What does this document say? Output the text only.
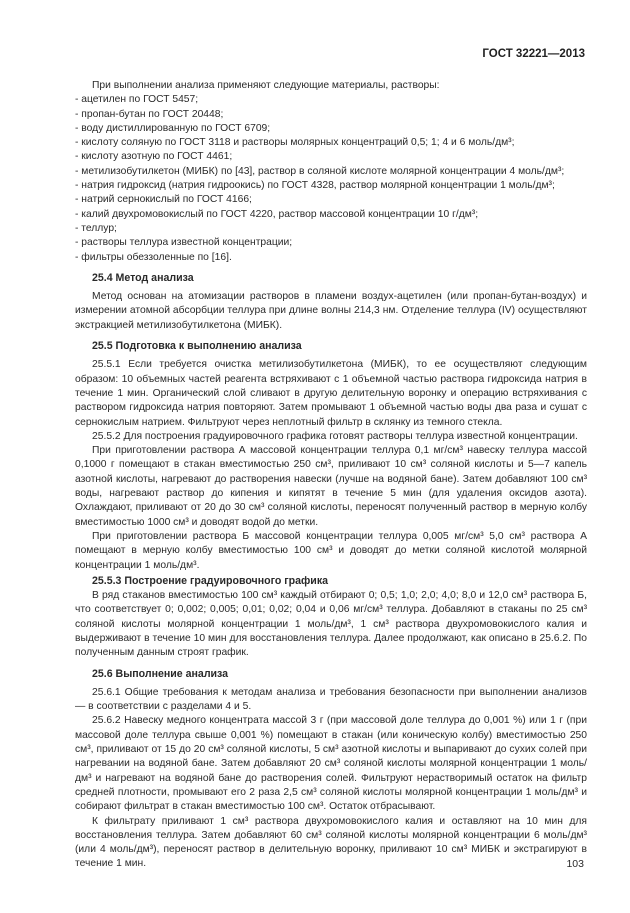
ГОСТ 32221—2013

При выполнении анализа применяют следующие материалы, растворы:

- ацетилен по ГОСТ 5457;

- пропан-бутан по ГОСТ 20448;

- воду дистиллированную по ГОСТ 6709;

- кислоту соляную по ГОСТ 3118 и растворы молярных концентраций 0,5; 1; 4 и 6 моль/дм³;

- кислоту азотную по ГОСТ 4461;

- метилизобутилкетон (МИБК) по [43], раствор в соляной кислоте молярной концентрации 4 моль/дм³;

- натрия гидроксид (натрия гидроокись) по ГОСТ 4328, раствор молярной концентрации 1 моль/дм³;

- натрий сернокислый по ГОСТ 4166;

- калий двухромовокислый по ГОСТ 4220, раствор массовой концентрации 10 г/дм³;

- теллур;

- растворы теллура известной концентрации;

- фильтры обеззоленные по [16].

25.4 Метод анализа

Метод основан на атомизации растворов в пламени воздух-ацетилен (или пропан-бутан-воздух) и измерении атомной абсорбции теллура при длине волны 214,3 нм. Отделение теллура (IV) осуществляют экстракцией метилизобутилкетона (МИБК).

25.5 Подготовка к выполнению анализа

25.5.1 Если требуется очистка метилизобутилкетона (МИБК), то ее осуществляют следующим образом: 10 объемных частей реагента встряхивают с 1 объемной частью раствора гидроксида натрия в течение 1 мин. Органический слой сливают в другую делительную воронку и операцию встряхивания с раствором гидроксида натрия повторяют. Затем промывают 1 объемной частью воды два раза и сушат с сернокислым натрием. Фильтруют через неплотный фильтр в склянку из темного стекла.

25.5.2 Для построения градуировочного графика готовят растворы теллура известной концентрации.

При приготовлении раствора А массовой концентрации теллура 0,1 мг/см³ навеску теллура массой 0,1000 г помещают в стакан вместимостью 250 см³, приливают 10 см³ соляной кислоты и 5—7 капель азотной кислоты, нагревают до растворения навески (лучше на водяной бане). Затем добавляют 100 см³ воды, нагревают раствор до кипения и кипятят в течение 5 мин (для удаления оксидов азота). Охлаждают, приливают от 20 до 30 см³ соляной кислоты, переносят полученный раствор в мерную колбу вместимостью 1000 см³ и доводят водой до метки.

При приготовлении раствора Б массовой концентрации теллура 0,005 мг/см³ 5,0 см³ раствора А помещают в мерную колбу вместимостью 100 см³ и доводят до метки соляной кислотой молярной концентрации 1 моль/дм³.

25.5.3 Построение градуировочного графика

В ряд стаканов вместимостью 100 см³ каждый отбирают 0; 0,5; 1,0; 2,0; 4,0; 8,0 и 12,0 см³ раствора Б, что соответствует 0; 0,002; 0,005; 0,01; 0,02; 0,04 и 0,06 мг/см³ теллура. Добавляют в стаканы по 25 см³ соляной кислоты молярной концентрации 1 моль/дм³, 1 см³ раствора двухромовокислого калия и выдерживают в течение 10 мин для восстановления теллура. Далее продолжают, как описано в 25.6.2. По полученным данным строят график.

25.6 Выполнение анализа

25.6.1 Общие требования к методам анализа и требования безопасности при выполнении анализов — в соответствии с разделами 4 и 5.

25.6.2 Навеску медного концентрата массой 3 г (при массовой доле теллура до 0,001 %) или 1 г (при массовой доле теллура свыше 0,001 %) помещают в стакан (или коническую колбу) вместимостью 250 см³, приливают от 15 до 20 см³ соляной кислоты, 5 см³ азотной кислоты и выпаривают до сухих солей при нагревании на водяной бане. Затем добавляют 20 см³ соляной кислоты молярной концентрации 1 моль/дм³ и нагревают на водяной бане до растворения солей. Фильтруют нерастворимый остаток на фильтр средней плотности, промывают его 2 раза 2,5 см³ соляной кислоты молярной концентрации 1 моль/дм³ и собирают фильтрат в стакан вместимостью 100 см³. Остаток отбрасывают.

К фильтрату приливают 1 см³ раствора двухромовокислого калия и оставляют на 10 мин для восстановления теллура. Затем добавляют 60 см³ соляной кислоты молярной концентрации 6 моль/дм³ (или 4 моль/дм³), переносят раствор в делительную воронку, приливают 10 см³ МИБК и экстрагируют в течение 1 мин.	103
